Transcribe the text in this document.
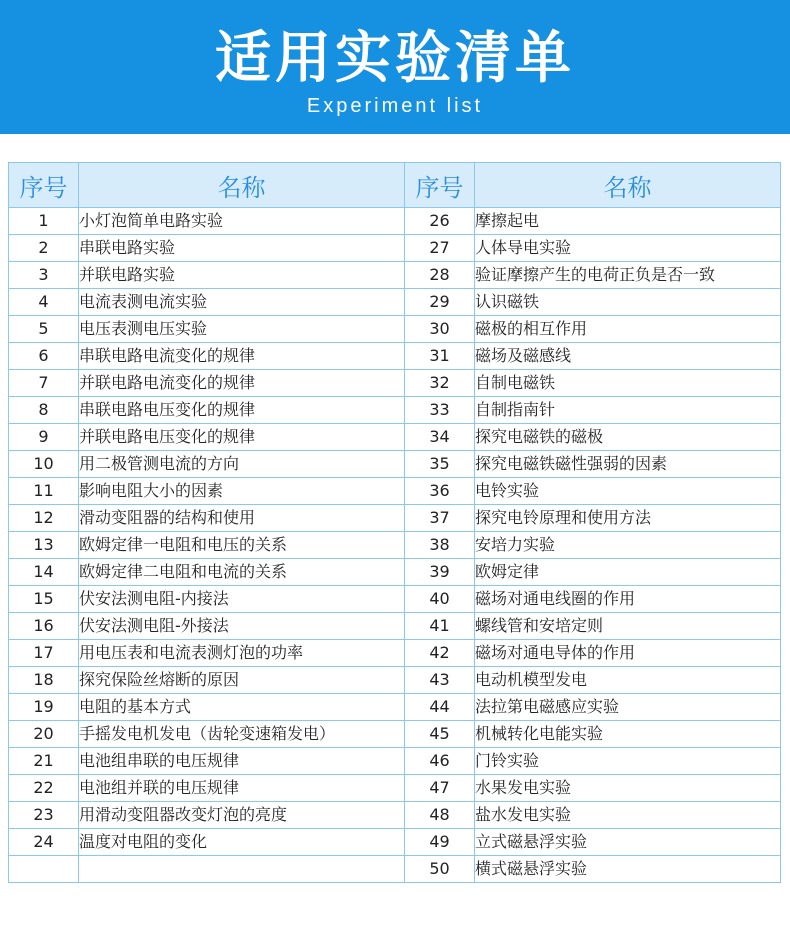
适用实验清单
Experiment list
序号	名称	序号	名称
1	小灯泡简单电路实验	26	摩擦起电
2	串联电路实验	27	人体导电实验
3	并联电路实验	28	验证摩擦产生的电荷正负是否一致
4	电流表测电流实验	29	认识磁铁
5	电压表测电压实验	30	磁极的相互作用
6	串联电路电流变化的规律	31	磁场及磁感线
7	并联电路电流变化的规律	32	自制电磁铁
8	串联电路电压变化的规律	33	自制指南针
9	并联电路电压变化的规律	34	探究电磁铁的磁极
10	用二极管测电流的方向	35	探究电磁铁磁性强弱的因素
11	影响电阻大小的因素	36	电铃实验
12	滑动变阻器的结构和使用	37	探究电铃原理和使用方法
13	欧姆定律一电阻和电压的关系	38	安培力实验
14	欧姆定律二电阻和电流的关系	39	欧姆定律
15	伏安法测电阻-内接法	40	磁场对通电线圈的作用
16	伏安法测电阻-外接法	41	螺线管和安培定则
17	用电压表和电流表测灯泡的功率	42	磁场对通电导体的作用
18	探究保险丝熔断的原因	43	电动机模型发电
19	电阻的基本方式	44	法拉第电磁感应实验
20	手摇发电机发电（齿轮变速箱发电）	45	机械转化电能实验
21	电池组串联的电压规律	46	门铃实验
22	电池组并联的电压规律	47	水果发电实验
23	用滑动变阻器改变灯泡的亮度	48	盐水发电实验
24	温度对电阻的变化	49	立式磁悬浮实验
		50	横式磁悬浮实验
